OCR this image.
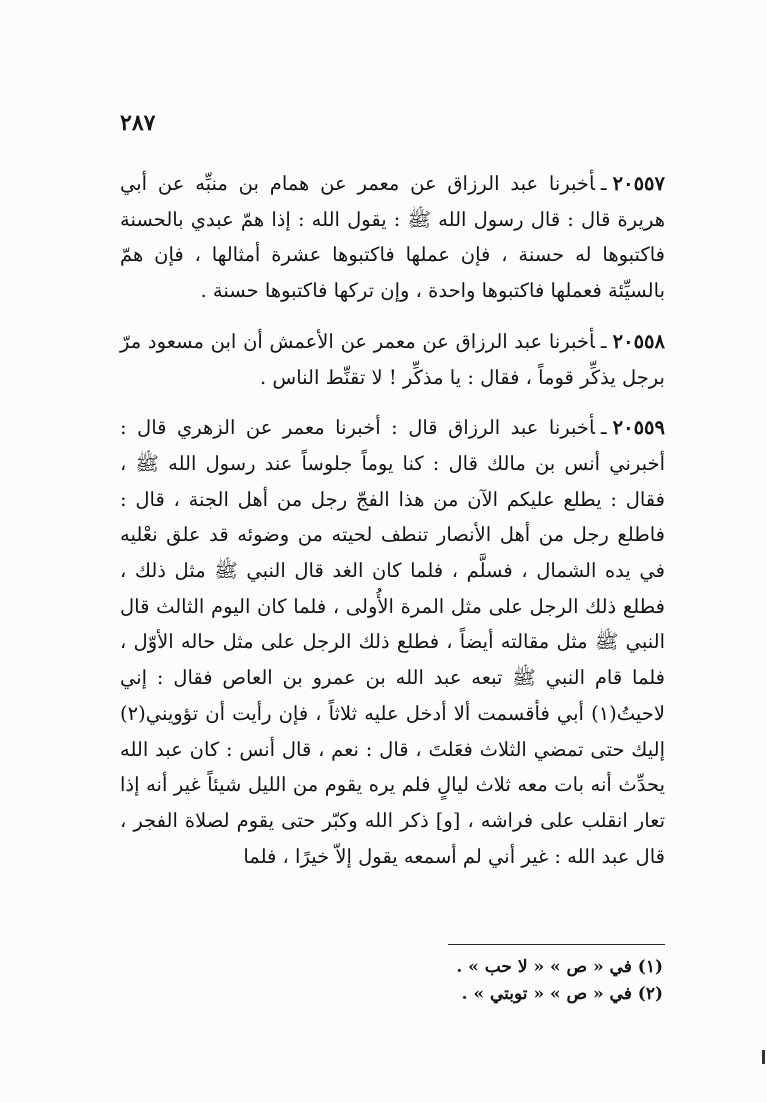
٢٨٧

٢٠٥٥٧ـأخبرنا عبد الرزاق عن معمر عن همام بن منبِّه عن أبي هريرة قال : قال رسول الله ﷺ : يقول الله : إذا همّ عبدي بالحسنة فاكتبوها له حسنة ، فإن عملها فاكتبوها عشرة أمثالها ، فإن همّ بالسيِّئة فعملها فاكتبوها واحدة ، وإن تركها فاكتبوها حسنة .

٢٠٥٥٨ـأخبرنا عبد الرزاق عن معمر عن الأعمش أن ابن مسعود مرّ برجل يذكِّر قوماً ، فقال : يا مذكِّر ! لا تقنِّط الناس .

٢٠٥٥٩ـأخبرنا عبد الرزاق قال : أخبرنا معمر عن الزهري قال : أخبرني أنس بن مالك قال : كنا يوماً جلوساً عند رسول الله ﷺ ، فقال : يطلع عليكم الآن من هذا الفجّ رجل من أهل الجنة ، قال : فاطلع رجل من أهل الأنصار تنطف لحيته من وضوئه قد علق نعْليه في يده الشمال ، فسلَّم ، فلما كان الغد قال النبي ﷺ مثل ذلك ، فطلع ذلك الرجل على مثل المرة الأُولى ، فلما كان اليوم الثالث قال النبي ﷺ مثل مقالته أيضاً ، فطلع ذلك الرجل على مثل حاله الأوّل ، فلما قام النبي ﷺ تبعه عبد الله بن عمرو بن العاص فقال : إني لاحيتُ(١) أبي فأقسمت ألا أدخل عليه ثلاثاً ، فإن رأيت أن تؤويني(٢) إليك حتى تمضي الثلاث فعَلتَ ، قال : نعم ، قال أنس : كان عبد الله يحدِّث أنه بات معه ثلاث ليالٍ فلم يره يقوم من الليل شيئاً غير أنه إذا تعار انقلب على فراشه ، [و] ذكر الله وكبّر حتى يقوم لصلاة الفجر ، قال عبد الله : غير أني لم أسمعه يقول إلاّ خيرًا ، فلما

(١) في « ص » « لا حب » .

(٢) في « ص » « توبتي » .
